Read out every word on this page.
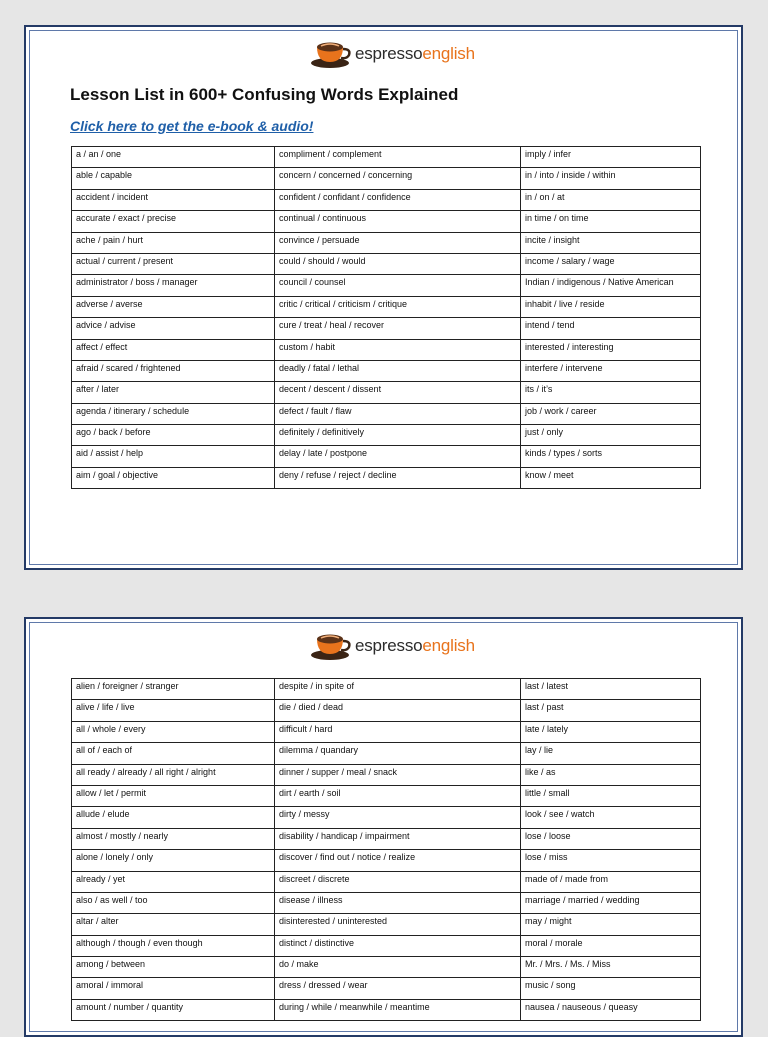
espressoenglish
Lesson List in 600+ Confusing Words Explained
Click here to get the e-book & audio!
a / an / one	compliment / complement	imply / infer
able / capable	concern / concerned / concerning	in / into / inside / within
accident / incident	confident / confidant / confidence	in / on / at
accurate / exact / precise	continual / continuous	in time / on time
ache / pain / hurt	convince / persuade	incite / insight
actual / current / present	could / should / would	income / salary / wage
administrator / boss / manager	council / counsel	Indian / indigenous / Native American
adverse / averse	critic / critical / criticism / critique	inhabit / live / reside
advice / advise	cure / treat / heal / recover	intend / tend
affect / effect	custom / habit	interested / interesting
afraid / scared / frightened	deadly / fatal / lethal	interfere / intervene
after / later	decent / descent / dissent	its / it’s
agenda / itinerary / schedule	defect / fault / flaw	job / work / career
ago / back / before	definitely / definitively	just / only
aid / assist / help	delay / late / postpone	kinds / types / sorts
aim / goal / objective	deny / refuse / reject / decline	know / meet
espressoenglish
alien / foreigner / stranger	despite / in spite of	last / latest
alive / life / live	die / died / dead	last / past
all / whole / every	difficult / hard	late / lately
all of / each of	dilemma / quandary	lay / lie
all ready / already / all right / alright	dinner / supper / meal / snack	like / as
allow / let / permit	dirt / earth / soil	little / small
allude / elude	dirty / messy	look / see / watch
almost / mostly / nearly	disability / handicap / impairment	lose / loose
alone / lonely / only	discover / find out / notice / realize	lose / miss
already / yet	discreet / discrete	made of / made from
also / as well / too	disease / illness	marriage / married / wedding
altar / alter	disinterested / uninterested	may / might
although / though / even though	distinct / distinctive	moral / morale
among / between	do / make	Mr. / Mrs. / Ms. / Miss
amoral / immoral	dress / dressed / wear	music / song
amount / number / quantity	during / while / meanwhile / meantime	nausea / nauseous / queasy
